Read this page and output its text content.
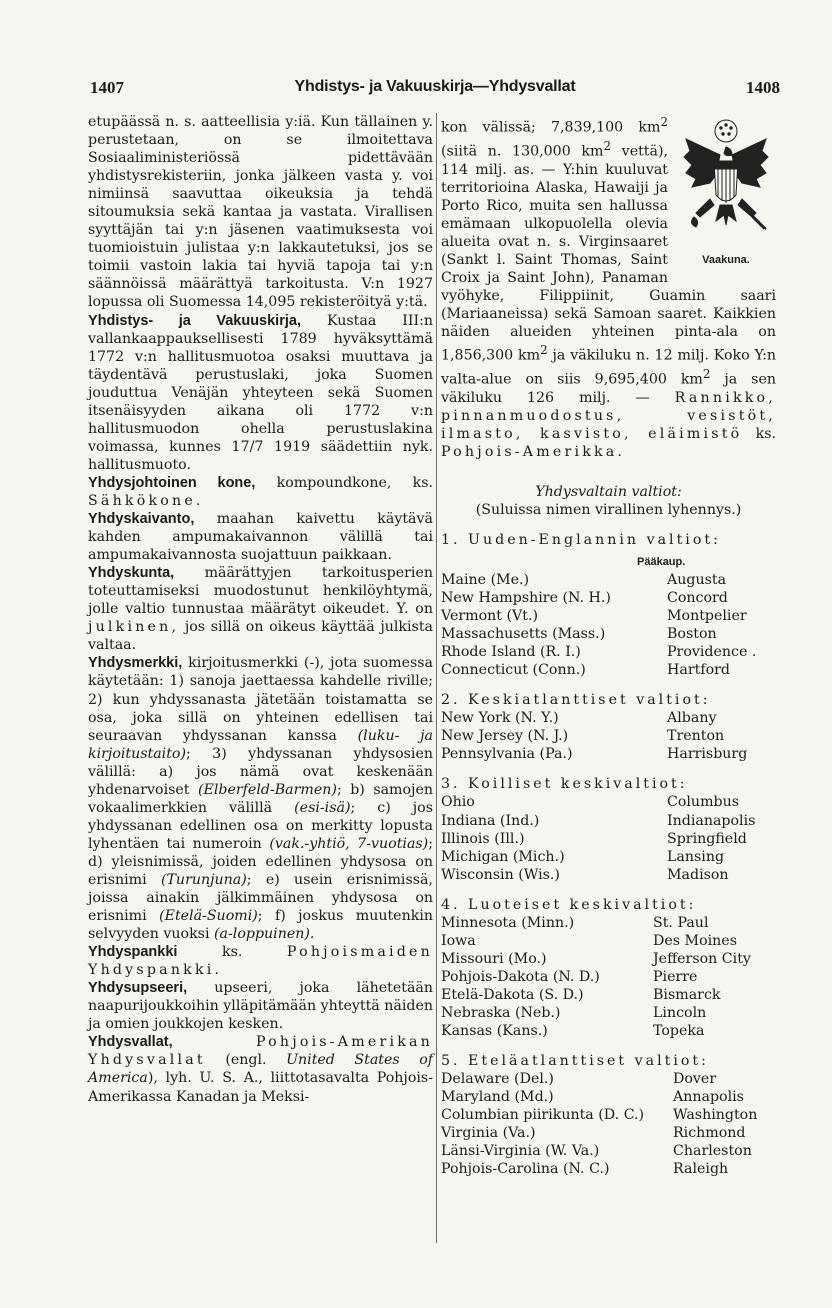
1407	Yhdistys- ja Vakuuskirja—Yhdysvallat	1408

etupäässä n. s. aatteellisia y:iä. Kun tällainen y. perustetaan, on se ilmoitettava Sosiaaliministeriössä pidettävään yhdistysrekisteriin, jonka jälkeen vasta y. voi nimiinsä saavuttaa oikeuksia ja tehdä sitoumuksia sekä kantaa ja vastata. Virallisen syyttäjän tai y:n jäsenen vaatimuksesta voi tuomioistuin julistaa y:n lakkautetuksi, jos se toimii vastoin lakia tai hyviä tapoja tai y:n säännöissä määrättyä tarkoitusta. V:n 1927 lopussa oli Suomessa 14,095 rekisteröityä y:tä.

Yhdistys- ja Vakuuskirja, Kustaa III:n vallankaappauksellisesti 1789 hyväksyttämä 1772 v:n hallitusmuotoa osaksi muuttava ja täydentävä perustuslaki, joka Suomen jouduttua Venäjän yhteyteen sekä Suomen itsenäisyyden aikana oli 1772 v:n hallitusmuodon ohella perustuslakina voimassa, kunnes 17/7 1919 säädettiin nyk. hallitusmuoto.

Yhdysjohtoinen kone, kompoundkone, ks. Sähkökone.

Yhdyskaivanto, maahan kaivettu käytävä kahden ampumakaivannon välillä tai ampumakaivannosta suojattuun paikkaan.

Yhdyskunta, määrättyjen tarkoitusperien toteuttamiseksi muodostunut henkilöyhtymä, jolle valtio tunnustaa määrätyt oikeudet. Y. on julkinen, jos sillä on oikeus käyttää julkista valtaa.

Yhdysmerkki, kirjoitusmerkki (-), jota suomessa käytetään: 1) sanoja jaettaessa kahdelle riville; 2) kun yhdyssanasta jätetään toistamatta se osa, joka sillä on yhteinen edellisen tai seuraavan yhdyssanan kanssa (luku- ja kirjoitustaito); 3) yhdyssanan yhdysosien välillä: a) jos nämä ovat keskenään yhdenarvoiset (Elberfeld-Barmen); b) samojen vokaalimerkkien välillä (esi-isä); c) jos yhdyssanan edellinen osa on merkitty lopusta lyhentäen tai numeroin (vak.-yhtiö, 7-vuotias); d) yleisnimissä, joiden edellinen yhdysosa on erisnimi (Turunjuna); e) usein erisnimissä, joissa ainakin jälkimmäinen yhdysosa on erisnimi (Etelä-Suomi); f) joskus muutenkin selvyyden vuoksi (a-loppuinen).

Yhdyspankki ks. Pohjoismaiden Yhdyspankki.

Yhdysupseeri, upseeri, joka lähetetään naapurijoukkoihin ylläpitämään yhteyttä näiden ja omien joukkojen kesken.

Yhdysvallat, Pohjois-Amerikan Yhdysvallat (engl. United States of America), lyh. U. S. A., liittotasavalta Pohjois-Amerikassa Kanadan ja Meksi-

Vaakuna.

kon välissä; 7,839,100 $km^2$ (siitä n. 130,000 $km^2$ vettä), 114 milj. as. — Y:hin kuuluvat territorioina Alaska, Hawaiji ja Porto Rico, muita sen hallussa emämaan ulkopuolella olevia alueita ovat n. s. Virginsaaret (Sankt l. Saint Thomas, Saint Croix ja Saint John), Panaman vyöhyke, Filippiinit, Guamin saari (Mariaaneissa) sekä Samoan saaret. Kaikkien näiden alueiden yhteinen pinta-ala on 1,856,300 $km^2$ ja väkiluku n. 12 milj. Koko Y:n valta-alue on siis 9,695,400 $km^2$ ja sen väkiluku 126 milj. — Rannikko, pinnanmuodostus, vesistöt, ilmasto, kasvisto, eläimistö ks. Pohjois-Amerikka.

Yhdysvaltain valtiot:
(Suluissa nimen virallinen lyhennys.)
1. Uuden-Englannin valtiot:
Pääkaup.
Maine (Me.)	Augusta
New Hampshire (N. H.)	Concord
Vermont (Vt.)	Montpelier
Massachusetts (Mass.)	Boston
Rhode Island (R. I.)	Providence .
Connecticut (Conn.)	Hartford
2. Keskiatlanttiset valtiot:
New York (N. Y.)	Albany
New Jersey (N. J.)	Trenton
Pennsylvania (Pa.)	Harrisburg
3. Koilliset keskivaltiot:
Ohio	Columbus
Indiana (Ind.)	Indianapolis
Illinois (Ill.)	Springfield
Michigan (Mich.)	Lansing
Wisconsin (Wis.)	Madison
4. Luoteiset keskivaltiot:
Minnesota (Minn.)	St. Paul
Iowa	Des Moines
Missouri (Mo.)	Jefferson City
Pohjois-Dakota (N. D.)	Pierre
Etelä-Dakota (S. D.)	Bismarck
Nebraska (Neb.)	Lincoln
Kansas (Kans.)	Topeka
5. Eteläatlanttiset valtiot:
Delaware (Del.)	Dover
Maryland (Md.)	Annapolis
Columbian piirikunta (D. C.)	Washington
Virginia (Va.)	Richmond
Länsi-Virginia (W. Va.)	Charleston
Pohjois-Carolina (N. C.)	Raleigh
